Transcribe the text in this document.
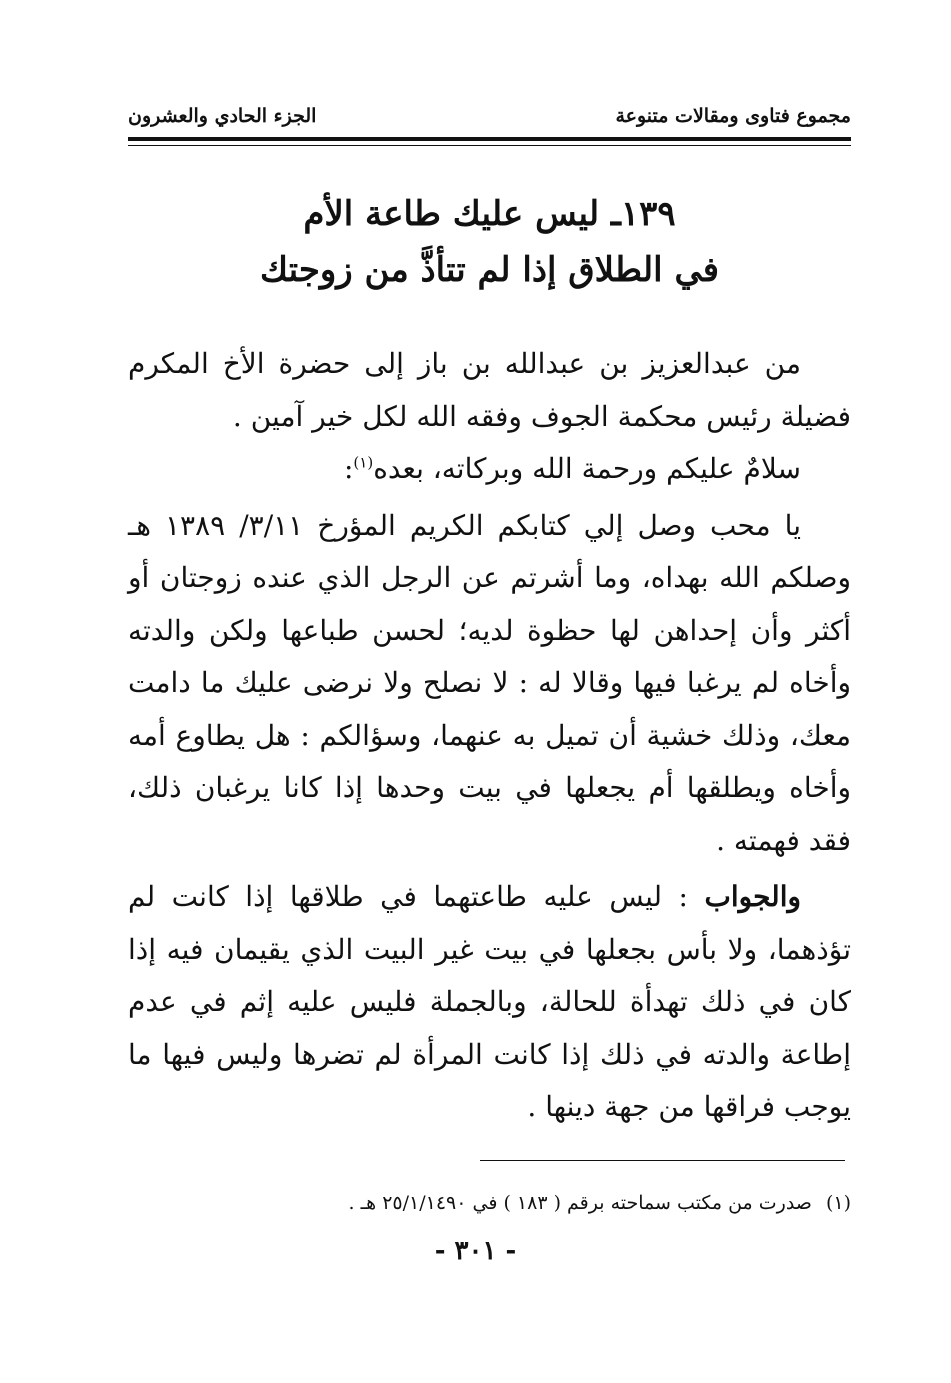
مجموع فتاوى ومقالات متنوعة
الجزء الحادي والعشرون
١٣٩ـ ليس عليك طاعة الأم
في الطلاق إذا لم تتأذَّ من زوجتك

من عبدالعزيز بن عبدالله بن باز إلى حضرة الأخ المكرم فضيلة رئيس محكمة الجوف وفقه الله لكل خير آمين .

سلامٌ عليكم ورحمة الله وبركاته، بعده$^{(١)}$:

يا محب وصل إلي كتابكم الكريم المؤرخ ٣/١١/ ١٣٨٩ هـ وصلكم الله بهداه، وما أشرتم عن الرجل الذي عنده زوجتان أو أكثر وأن إحداهن لها حظوة لديه؛ لحسن طباعها ولكن والدته وأخاه لم يرغبا فيها وقالا له : لا نصلح ولا نرضى عليك ما دامت معك، وذلك خشية أن تميل به عنهما، وسؤالكم : هل يطاوع أمه وأخاه ويطلقها أم يجعلها في بيت وحدها إذا كانا يرغبان ذلك، فقد فهمته .

والجواب : ليس عليه طاعتهما في طلاقها إذا كانت لم تؤذهما، ولا بأس بجعلها في بيت غير البيت الذي يقيمان فيه إذا كان في ذلك تهدأة للحالة، وبالجملة فليس عليه إثم في عدم إطاعة والدته في ذلك إذا كانت المرأة لم تضرها وليس فيها ما يوجب فراقها من جهة دينها .

(١)صدرت من مكتب سماحته برقم ( ١٨٣ ) في ٢٥/١/١٤٩٠ هـ .
- ٣٠١ -
